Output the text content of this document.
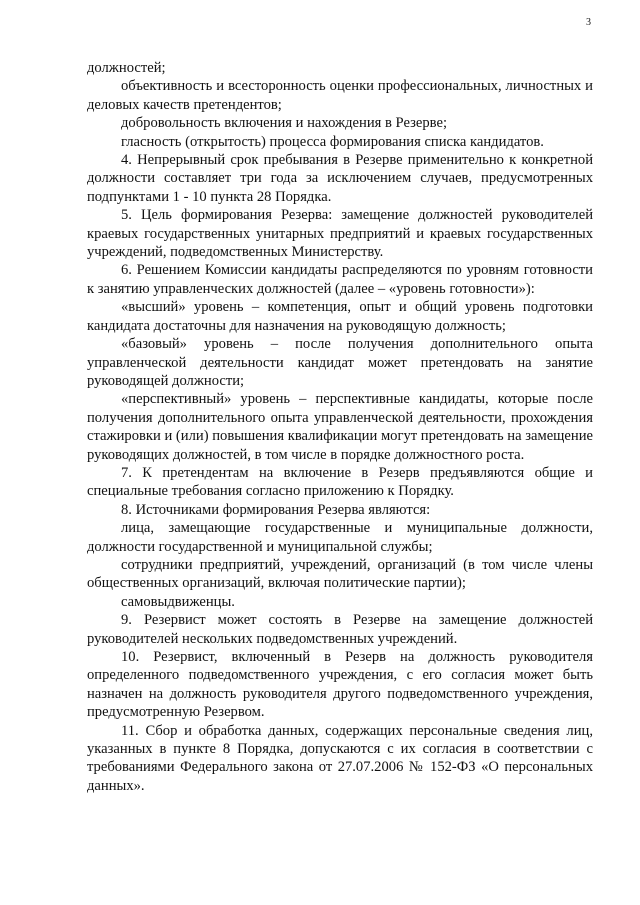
3

должностей;

объективность и всесторонность оценки профессиональных, личностных и деловых качеств претендентов;

добровольность включения и нахождения в Резерве;

гласность (открытость) процесса формирования списка кандидатов.

4. Непрерывный срок пребывания в Резерве применительно к конкретной должности составляет три года за исключением случаев, предусмотренных подпунктами 1 - 10 пункта 28 Порядка.

5. Цель формирования Резерва: замещение должностей руководителей краевых государственных унитарных предприятий и краевых государственных учреждений, подведомственных Министерству.

6. Решением Комиссии кандидаты распределяются по уровням готовности к занятию управленческих должностей (далее – «уровень готовности»):

«высший» уровень – компетенция, опыт и общий уровень подготовки кандидата достаточны для назначения на руководящую должность;

«базовый» уровень – после получения дополнительного опыта управленческой деятельности кандидат может претендовать на занятие руководящей должности;

«перспективный» уровень – перспективные кандидаты, которые после получения дополнительного опыта управленческой деятельности, прохождения стажировки и (или) повышения квалификации могут претендовать на замещение руководящих должностей, в том числе в порядке должностного роста.

7. К претендентам на включение в Резерв предъявляются общие и специальные требования согласно приложению к Порядку.

8. Источниками формирования Резерва являются:

лица, замещающие государственные и муниципальные должности, должности государственной и муниципальной службы;

сотрудники предприятий, учреждений, организаций (в том числе члены общественных организаций, включая политические партии);

самовыдвиженцы.

9. Резервист может состоять в Резерве на замещение должностей руководителей нескольких подведомственных учреждений.

10. Резервист, включенный в Резерв на должность руководителя определенного подведомственного учреждения, с его согласия может быть назначен на должность руководителя другого подведомственного учреждения, предусмотренную Резервом.

11. Сбор и обработка данных, содержащих персональные сведения лиц, указанных в пункте 8 Порядка, допускаются с их согласия в соответствии с требованиями Федерального закона от 27.07.2006 № 152-ФЗ «О персональных данных».
